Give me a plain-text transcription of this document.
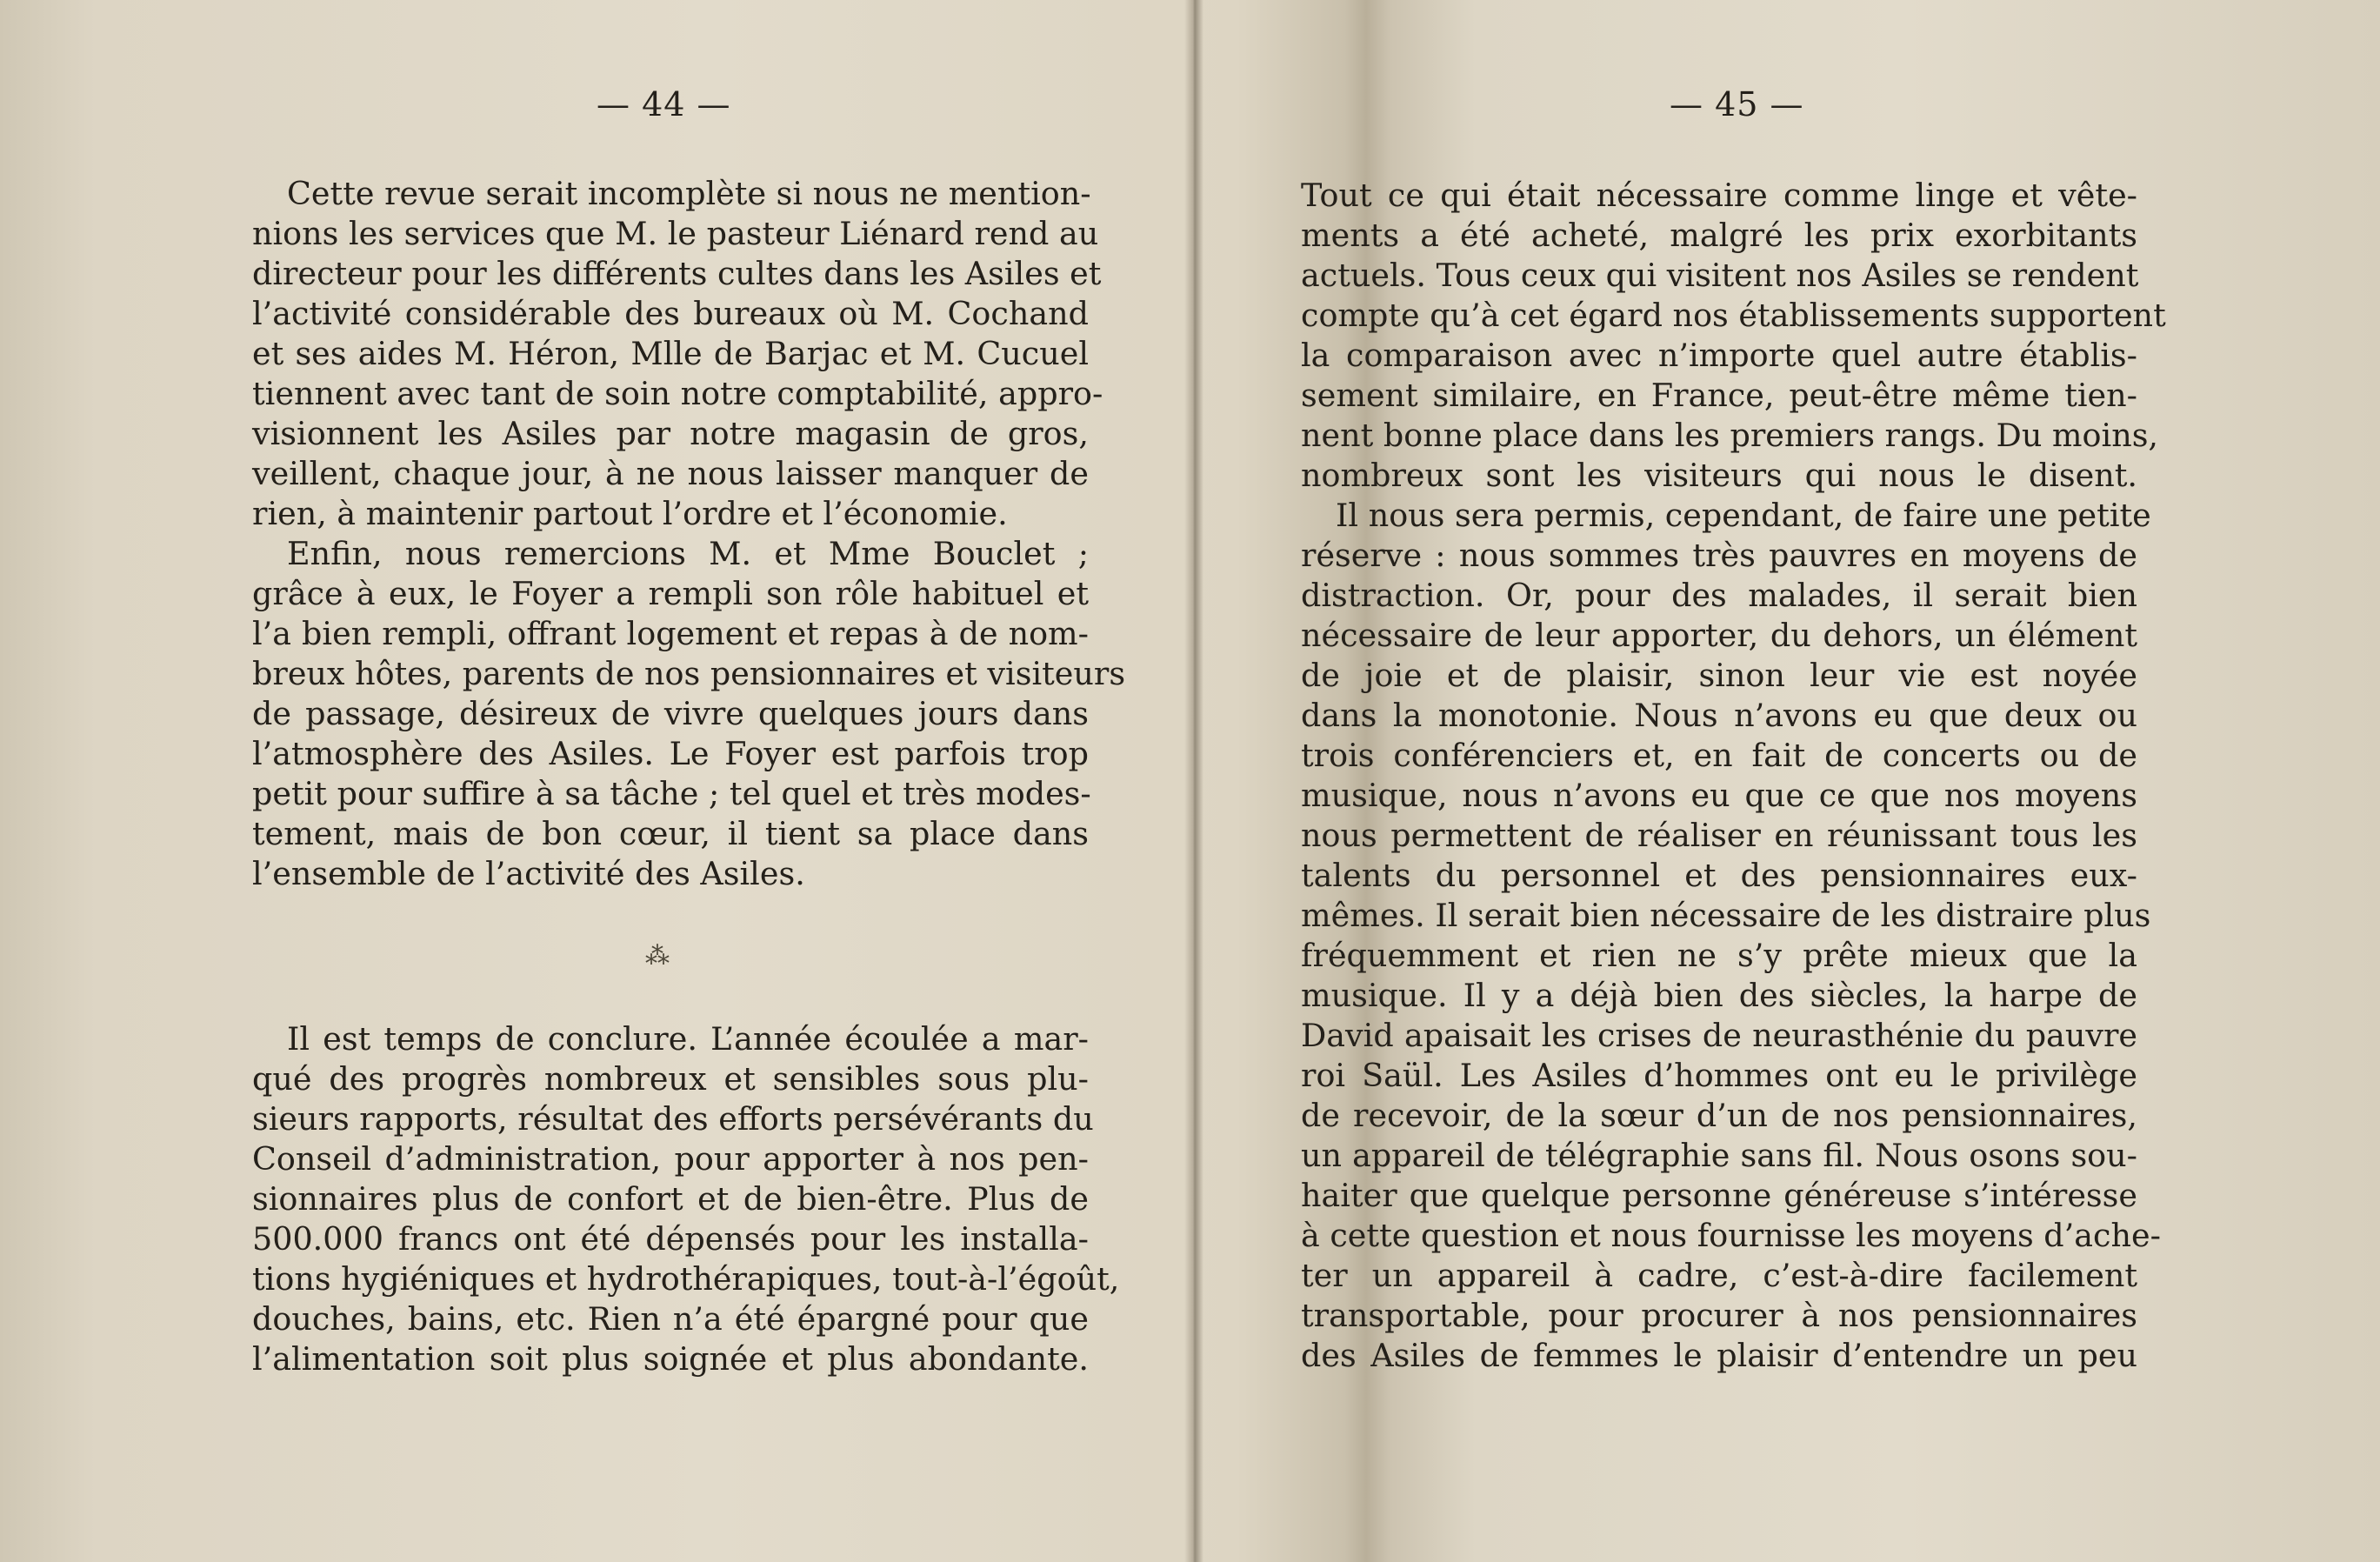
— 44 —
Cette revue serait incomplète si nous ne mention-
nions les services que M. le pasteur Liénard rend au
directeur pour les différents cultes dans les Asiles et
l’activité considérable des bureaux où M. Cochand
et ses aides M. Héron, Mlle de Barjac et M. Cucuel
tiennent avec tant de soin notre comptabilité, appro-
visionnent les Asiles par notre magasin de gros,
veillent, chaque jour, à ne nous laisser manquer de
rien, à maintenir partout l’ordre et l’économie.
Enfin, nous remercions M. et Mme Bouclet ;
grâce à eux, le Foyer a rempli son rôle habituel et
l’a bien rempli, offrant logement et repas à de nom-
breux hôtes, parents de nos pensionnaires et visiteurs
de passage, désireux de vivre quelques jours dans
l’atmosphère des Asiles. Le Foyer est parfois trop
petit pour suffire à sa tâche ; tel quel et très modes-
tement, mais de bon cœur, il tient sa place dans
l’ensemble de l’activité des Asiles.
⁂
Il est temps de conclure. L’année écoulée a mar-
qué des progrès nombreux et sensibles sous plu-
sieurs rapports, résultat des efforts persévérants du
Conseil d’administration, pour apporter à nos pen-
sionnaires plus de confort et de bien-être. Plus de
500.000 francs ont été dépensés pour les installa-
tions hygiéniques et hydrothérapiques, tout-à-l’égoût,
douches, bains, etc. Rien n’a été épargné pour que
l’alimentation soit plus soignée et plus abondante.
— 45 —
Tout ce qui était nécessaire comme linge et vête-
ments a été acheté, malgré les prix exorbitants
actuels. Tous ceux qui visitent nos Asiles se rendent
compte qu’à cet égard nos établissements supportent
la comparaison avec n’importe quel autre établis-
sement similaire, en France, peut-être même tien-
nent bonne place dans les premiers rangs. Du moins,
nombreux sont les visiteurs qui nous le disent.
Il nous sera permis, cependant, de faire une petite
réserve : nous sommes très pauvres en moyens de
distraction. Or, pour des malades, il serait bien
nécessaire de leur apporter, du dehors, un élément
de joie et de plaisir, sinon leur vie est noyée
dans la monotonie. Nous n’avons eu que deux ou
trois conférenciers et, en fait de concerts ou de
musique, nous n’avons eu que ce que nos moyens
nous permettent de réaliser en réunissant tous les
talents du personnel et des pensionnaires eux-
mêmes. Il serait bien nécessaire de les distraire plus
fréquemment et rien ne s’y prête mieux que la
musique. Il y a déjà bien des siècles, la harpe de
David apaisait les crises de neurasthénie du pauvre
roi Saül. Les Asiles d’hommes ont eu le privilège
de recevoir, de la sœur d’un de nos pensionnaires,
un appareil de télégraphie sans fil. Nous osons sou-
haiter que quelque personne généreuse s’intéresse
à cette question et nous fournisse les moyens d’ache-
ter un appareil à cadre, c’est-à-dire facilement
transportable, pour procurer à nos pensionnaires
des Asiles de femmes le plaisir d’entendre un peu
